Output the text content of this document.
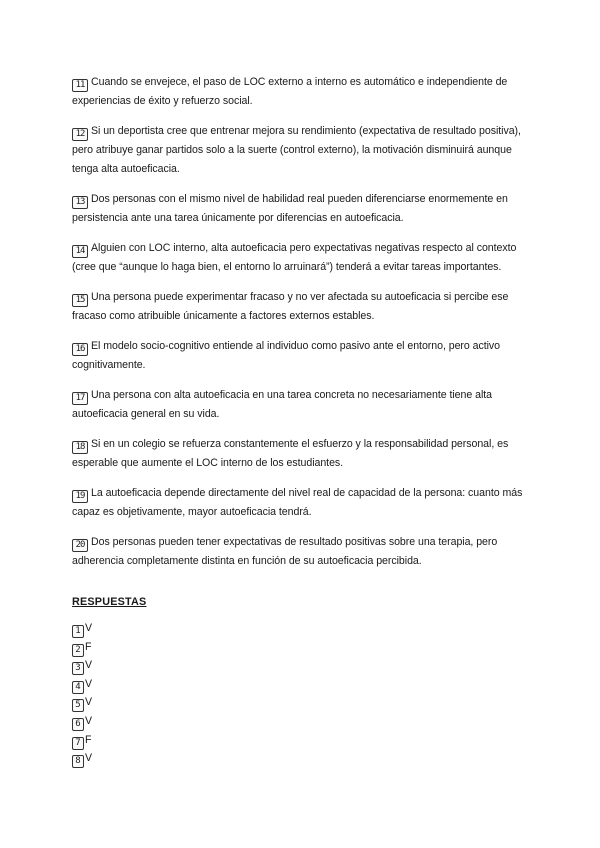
11 Cuando se envejece, el paso de LOC externo a interno es automático e independiente de experiencias de éxito y refuerzo social.

12 Si un deportista cree que entrenar mejora su rendimiento (expectativa de resultado positiva), pero atribuye ganar partidos solo a la suerte (control externo), la motivación disminuirá aunque tenga alta autoeficacia.

13 Dos personas con el mismo nivel de habilidad real pueden diferenciarse enormemente en persistencia ante una tarea únicamente por diferencias en autoeficacia.

14 Alguien con LOC interno, alta autoeficacia pero expectativas negativas respecto al contexto (cree que “aunque lo haga bien, el entorno lo arruinará”) tenderá a evitar tareas importantes.

15 Una persona puede experimentar fracaso y no ver afectada su autoeficacia si percibe ese fracaso como atribuible únicamente a factores externos estables.

16 El modelo socio-cognitivo entiende al individuo como pasivo ante el entorno, pero activo cognitivamente.

17 Una persona con alta autoeficacia en una tarea concreta no necesariamente tiene alta autoeficacia general en su vida.

18 Si en un colegio se refuerza constantemente el esfuerzo y la responsabilidad personal, es esperable que aumente el LOC interno de los estudiantes.

19 La autoeficacia depende directamente del nivel real de capacidad de la persona: cuanto más capaz es objetivamente, mayor autoeficacia tendrá.

20 Dos personas pueden tener expectativas de resultado positivas sobre una terapia, pero adherencia completamente distinta en función de su autoeficacia percibida.

RESPUESTAS
1 V
2 F
3 V
4 V
5 V
6 V
7 F
8 V
